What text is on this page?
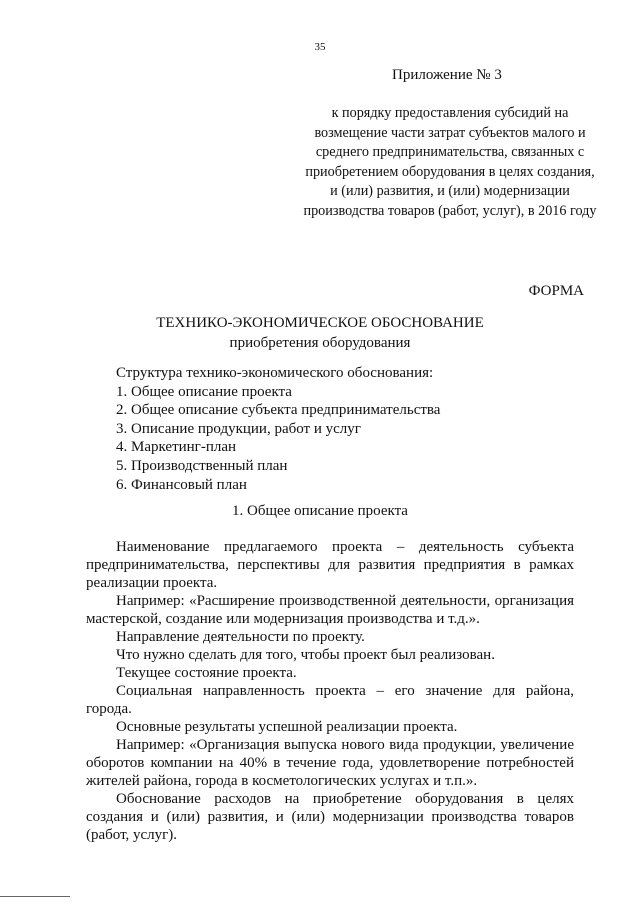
35
Приложение № 3
к порядку предоставления субсидий на возмещение части затрат субъектов малого и среднего предпринимательства, связанных с приобретением оборудования в целях создания, и (или) развития, и (или) модернизации производства товаров (работ, услуг), в 2016 году
ФОРМА
ТЕХНИКО-ЭКОНОМИЧЕСКОЕ ОБОСНОВАНИЕ
приобретения оборудования
Структура технико-экономического обоснования:
1. Общее описание проекта
2. Общее описание субъекта предпринимательства
3. Описание продукции, работ и услуг
4. Маркетинг-план
5. Производственный план
6. Финансовый план
1. Общее описание проекта

Наименование предлагаемого проекта – деятельность субъекта предпринимательства, перспективы для развития предприятия в рамках реализации проекта.

Например: «Расширение производственной деятельности, организация мастерской, создание или модернизация производства и т.д.».

Направление деятельности по проекту.

Что нужно сделать для того, чтобы проект был реализован.

Текущее состояние проекта.

Социальная направленность проекта – его значение для района, города.

Основные результаты успешной реализации проекта.

Например: «Организация выпуска нового вида продукции, увеличение оборотов компании на 40% в течение года, удовлетворение потребностей жителей района, города в косметологических услугах и т.п.».

Обоснование расходов на приобретение оборудования в целях создания и (или) развития, и (или) модернизации производства товаров (работ, услуг).
